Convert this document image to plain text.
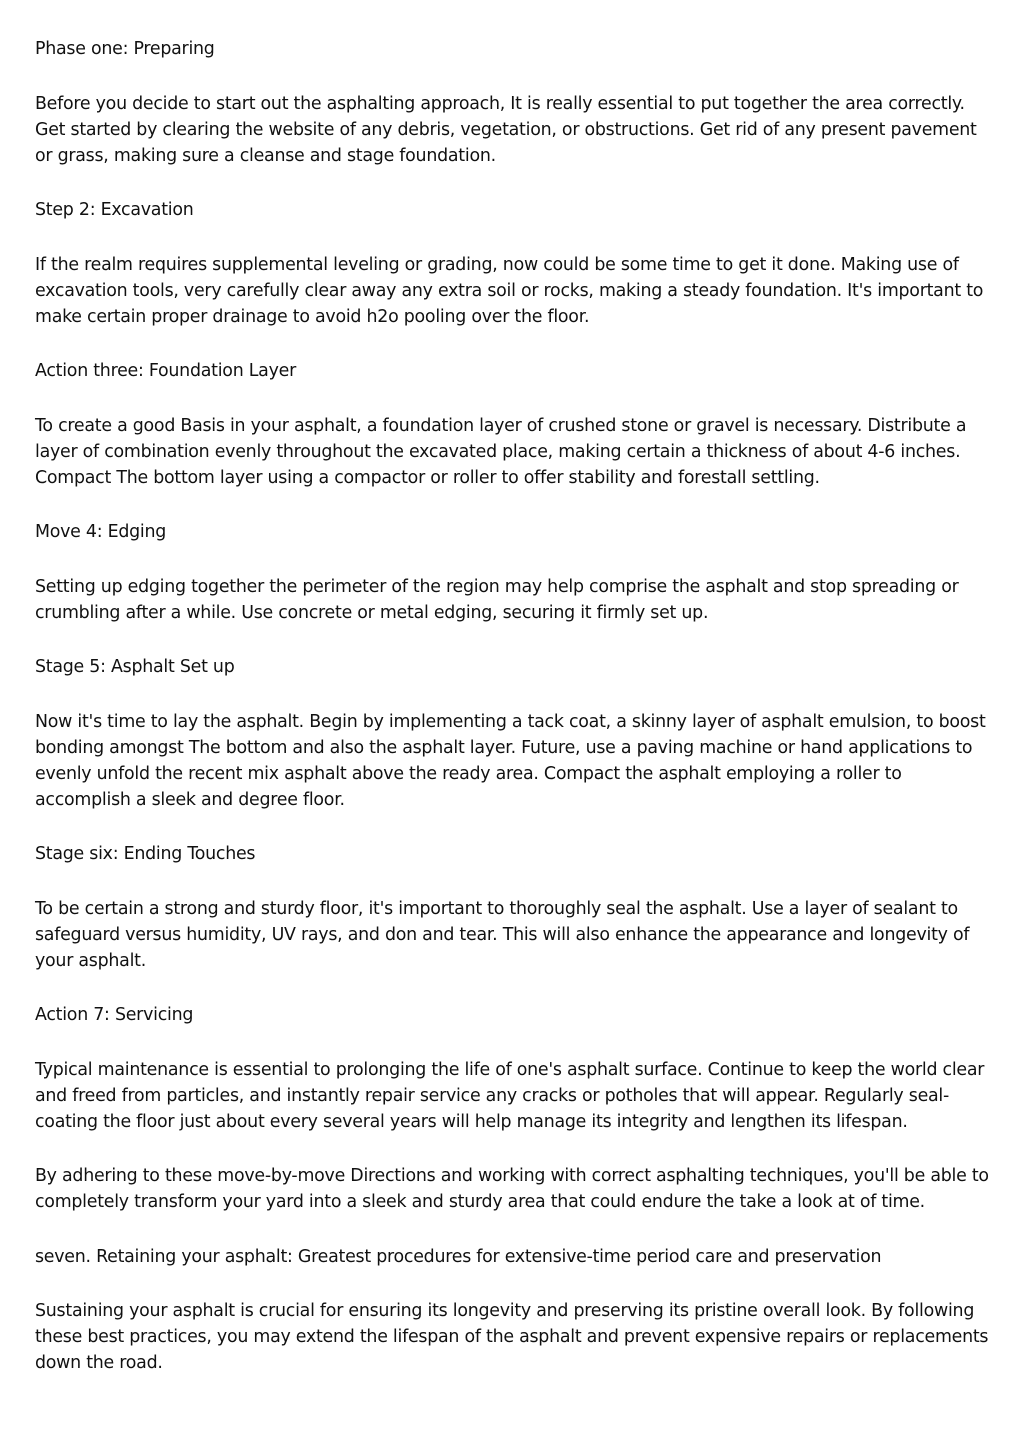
Phase one: Preparing

Before you decide to start out the asphalting approach, It is really essential to put together the area correctly. Get started by clearing the website of any debris, vegetation, or obstructions. Get rid of any present pavement or grass, making sure a cleanse and stage foundation.

Step 2: Excavation

If the realm requires supplemental leveling or grading, now could be some time to get it done. Making use of excavation tools, very carefully clear away any extra soil or rocks, making a steady foundation. It's important to make certain proper drainage to avoid h2o pooling over the floor.

Action three: Foundation Layer

To create a good Basis in your asphalt, a foundation layer of crushed stone or gravel is necessary. Distribute a layer of combination evenly throughout the excavated place, making certain a thickness of about 4-6 inches. Compact The bottom layer using a compactor or roller to offer stability and forestall settling.

Move 4: Edging

Setting up edging together the perimeter of the region may help comprise the asphalt and stop spreading or crumbling after a while. Use concrete or metal edging, securing it firmly set up.

Stage 5: Asphalt Set up

Now it's time to lay the asphalt. Begin by implementing a tack coat, a skinny layer of asphalt emulsion, to boost bonding amongst The bottom and also the asphalt layer. Future, use a paving machine or hand applications to evenly unfold the recent mix asphalt above the ready area. Compact the asphalt employing a roller to accomplish a sleek and degree floor.

Stage six: Ending Touches

To be certain a strong and sturdy floor, it's important to thoroughly seal the asphalt. Use a layer of sealant to safeguard versus humidity, UV rays, and don and tear. This will also enhance the appearance and longevity of your asphalt.

Action 7: Servicing

Typical maintenance is essential to prolonging the life of one's asphalt surface. Continue to keep the world clear and freed from particles, and instantly repair service any cracks or potholes that will appear. Regularly seal-coating the floor just about every several years will help manage its integrity and lengthen its lifespan.

By adhering to these move-by-move Directions and working with correct asphalting techniques, you'll be able to completely transform your yard into a sleek and sturdy area that could endure the take a look at of time.

seven. Retaining your asphalt: Greatest procedures for extensive-time period care and preservation

Sustaining your asphalt is crucial for ensuring its longevity and preserving its pristine overall look. By following these best practices, you may extend the lifespan of the asphalt and prevent expensive repairs or replacements down the road.
